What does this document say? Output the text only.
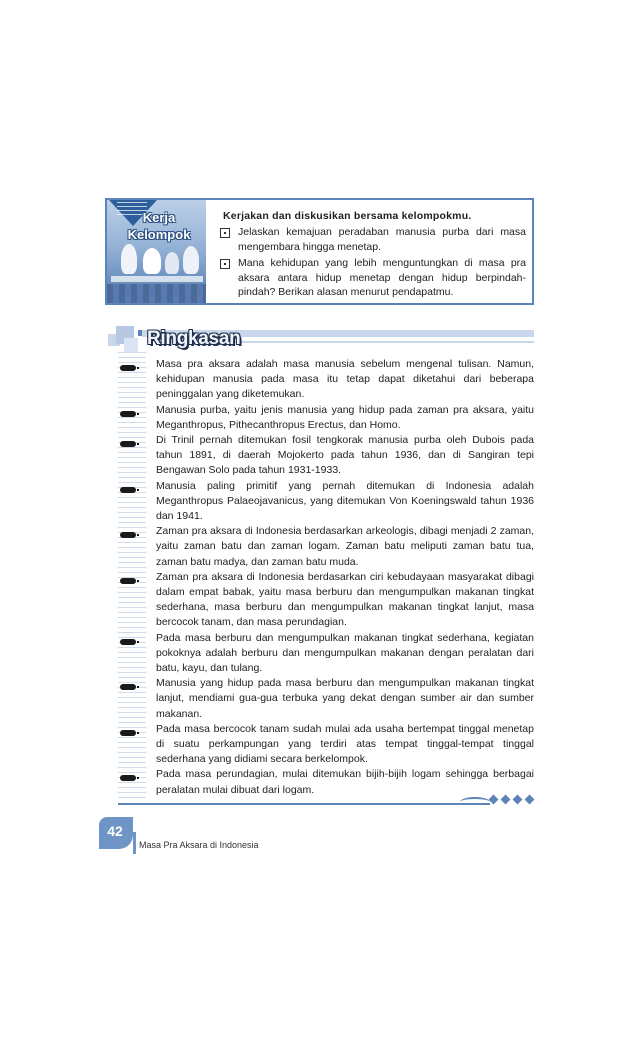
Kerja
Kelompok
Kerjakan dan diskusikan bersama kelompokmu.
Jelaskan kemajuan peradaban manusia purba dari masa mengembara hingga menetap.
Mana kehidupan yang lebih menguntungkan di masa pra aksara antara hidup menetap dengan hidup berpindah-pindah? Berikan alasan menurut pendapatmu.
Ringkasan
Masa pra aksara adalah masa manusia sebelum mengenal tulisan. Namun, kehidupan manusia pada masa itu tetap dapat diketahui dari beberapa peninggalan yang diketemukan.
Manusia purba, yaitu jenis manusia yang hidup pada zaman pra aksara, yaitu Meganthropus, Pithecanthropus Erectus, dan Homo.
Di Trinil pernah ditemukan fosil tengkorak manusia purba oleh Dubois pada tahun 1891, di daerah Mojokerto pada tahun 1936, dan di Sangiran tepi Bengawan Solo pada tahun 1931-1933.
Manusia paling primitif yang pernah ditemukan di Indonesia adalah Meganthropus Palaeojavanicus, yang ditemukan Von Koeningswald tahun 1936 dan 1941.
Zaman pra aksara di Indonesia berdasarkan arkeologis, dibagi menjadi 2 zaman, yaitu zaman batu dan zaman logam. Zaman batu meliputi zaman batu tua, zaman batu madya, dan zaman batu muda.
Zaman pra aksara di Indonesia berdasarkan ciri kebudayaan masyarakat dibagi dalam empat babak, yaitu masa berburu dan mengumpulkan makanan tingkat sederhana, masa berburu dan mengumpulkan makanan tingkat lanjut, masa bercocok tanam, dan masa perundagian.
Pada masa berburu dan mengumpulkan makanan tingkat sederhana, kegiatan pokoknya adalah berburu dan mengumpulkan makanan dengan peralatan dari batu, kayu, dan tulang.
Manusia yang hidup pada masa berburu dan mengumpulkan makanan tingkat lanjut, mendiami gua-gua terbuka yang dekat dengan sumber air dan sumber makanan.
Pada masa bercocok tanam sudah mulai ada usaha bertempat tinggal menetap di suatu perkampungan yang terdiri atas tempat tinggal-tempat tinggal sederhana yang didiami secara berkelompok.
Pada masa perundagian, mulai ditemukan bijih-bijih logam sehingga berbagai peralatan mulai dibuat dari logam.
42
Masa Pra Aksara di Indonesia
